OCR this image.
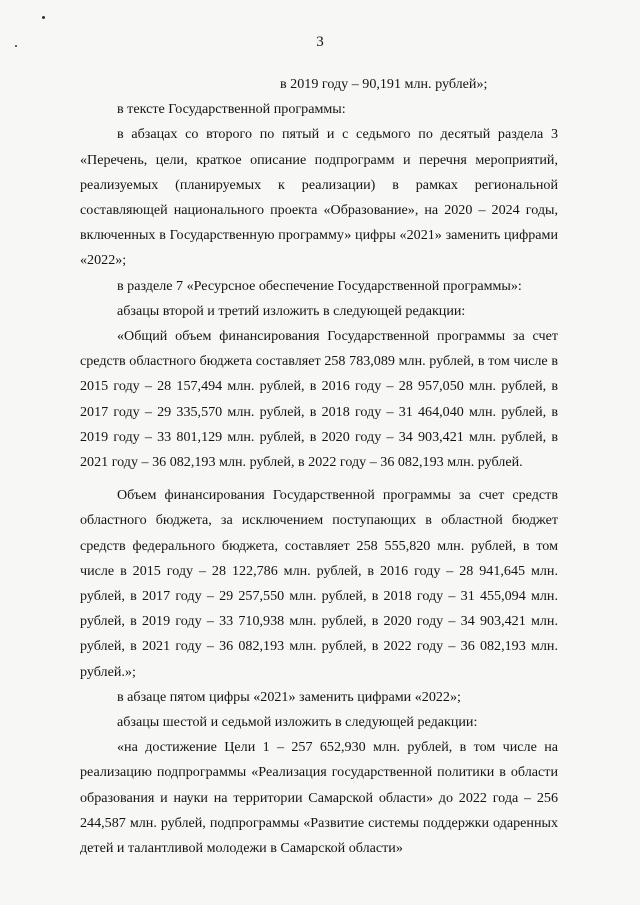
3

в 2019 году – 90,191 млн. рублей»;

в тексте Государственной программы:

в абзацах со второго по пятый и с седьмого по десятый раздела 3 «Перечень, цели, краткое описание подпрограмм и перечня мероприятий, реализуемых (планируемых к реализации) в рамках региональной составляющей национального проекта «Образование», на 2020 – 2024 годы, включенных в Государственную программу» цифры «2021» заменить цифрами «2022»;

в разделе 7 «Ресурсное обеспечение Государственной программы»:

абзацы второй и третий изложить в следующей редакции:

«Общий объем финансирования Государственной программы за счет средств областного бюджета составляет 258 783,089 млн. рублей, в том числе в 2015 году – 28 157,494 млн. рублей, в 2016 году – 28 957,050 млн. рублей, в 2017 году – 29 335,570 млн. рублей, в 2018 году – 31 464,040 млн. рублей, в 2019 году – 33 801,129 млн. рублей, в 2020 году – 34 903,421 млн. рублей, в 2021 году – 36 082,193 млн. рублей, в 2022 году – 36 082,193 млн. рублей.

Объем финансирования Государственной программы за счет средств областного бюджета, за исключением поступающих в областной бюджет средств федерального бюджета, составляет 258 555,820 млн. рублей, в том числе в 2015 году – 28 122,786 млн. рублей, в 2016 году – 28 941,645 млн. рублей, в 2017 году – 29 257,550 млн. рублей, в 2018 году – 31 455,094 млн. рублей, в 2019 году – 33 710,938 млн. рублей, в 2020 году – 34 903,421 млн. рублей, в 2021 году – 36 082,193 млн. рублей, в 2022 году – 36 082,193 млн. рублей.»;

в абзаце пятом цифры «2021» заменить цифрами «2022»;

абзацы шестой и седьмой изложить в следующей редакции:

«на достижение Цели 1 – 257 652,930 млн. рублей, в том числе на реализацию подпрограммы «Реализация государственной политики в области образования и науки на территории Самарской области» до 2022 года – 256 244,587 млн. рублей, подпрограммы «Развитие системы поддержки одаренных детей и талантливой молодежи в Самарской области»
